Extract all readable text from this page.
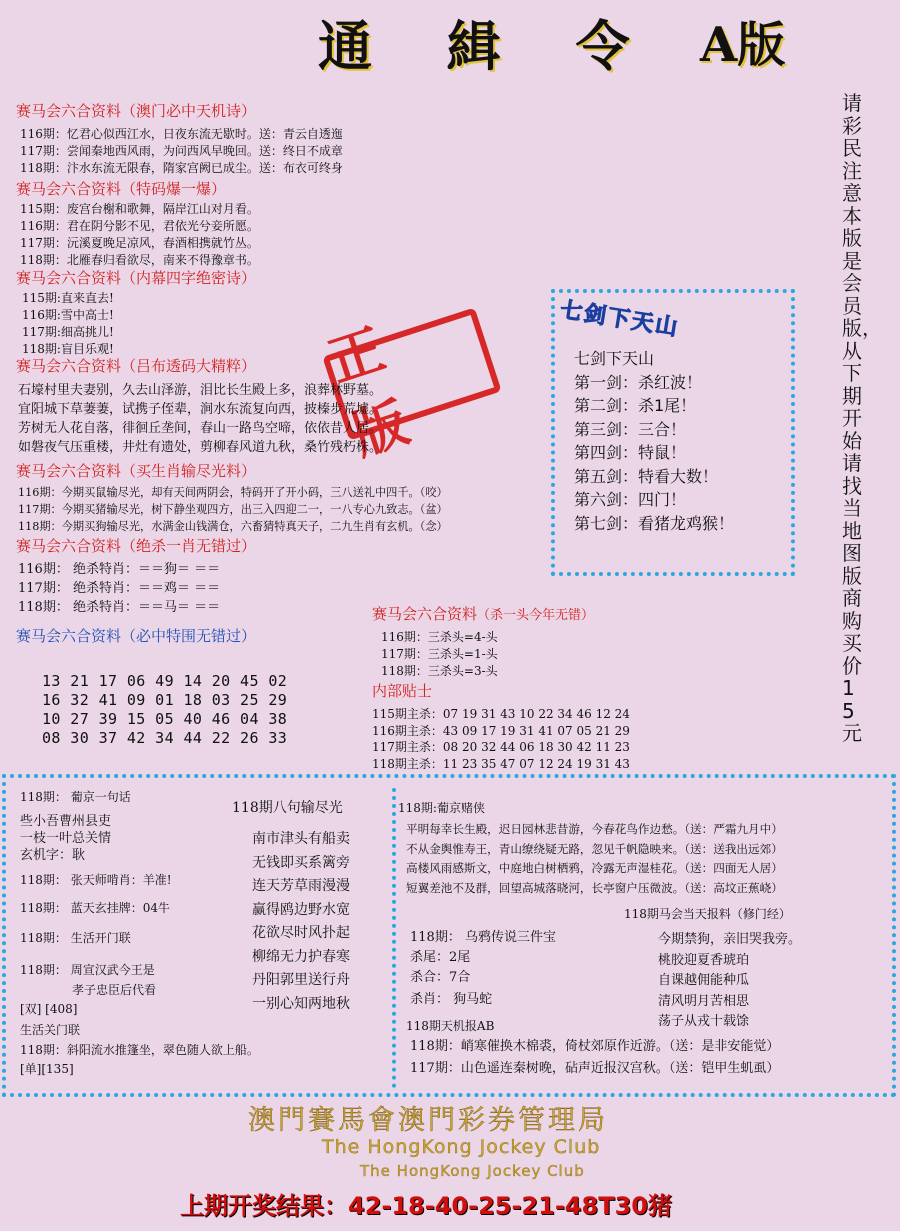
通 緝 令 A版
请彩民注意本版是会员版，从下期开始请找当地图版商购买价15元
赛马会六合资料（澳门必中天机诗）
116期：忆君心似西江水，日夜东流无歇时。送：青云自透迤
117期：尝闻秦地西风雨，为问西风早晚回。送：终日不成章
118期：汴水东流无限春，隋家宫阙已成尘。送：布衣可终身
赛马会六合资料（特码爆一爆）
115期：废宫台榭和歌舞，隔岸江山对月看。
116期：君在阴兮影不见，君依光兮妾所愿。
117期：沅溪夏晚足凉风，春酒相携就竹丛。
118期：北雁春归看欲尽，南来不得豫章书。
赛马会六合资料（内幕四字绝密诗）
115期:直来直去!
116期:雪中高士!
117期:细高挑儿!
118期:盲目乐观!	正版
赛马会六合资料（吕布透码大精粹）
石壕村里夫妻别，久去山泽游，泪比长生殿上多，浪葬林野墓。
宜阳城下草萋萋，试携子侄辈，涧水东流复向西，披榛步荒墟。
芳树无人花自落，徘徊丘垄间，春山一路鸟空啼，依依昔人居。
如磐夜气压重楼，井灶有遗处，剪柳春风道九秋，桑竹残朽株。
赛马会六合资料（买生肖输尽光料）
116期：今期买鼠输尽光，却有天间两阴会，特码开了开小码，三八送礼中四千。（咬）
117期：今期买猪输尽光，树下静坐观四方，出三入四迎二一，一八专心九致志。（盆）
118期：今期买狗输尽光，水满金山钱满仓，六畜猜特真天子，二九生肖有玄机。（念）
赛马会六合资料（绝杀一肖无错过）
116期： 绝杀特肖：＝＝狗＝ ＝＝
117期： 绝杀特肖：＝＝鸡＝ ＝＝
118期： 绝杀特肖：＝＝马＝ ＝＝
赛马会六合资料（必中特围无错过）
13 21 17 06 49 14 20 45 02
16 32 41 09 01 18 03 25 29
10 27 39 15 05 40 46 04 38
08 30 37 42 34 44 22 26 33
七剑下天山
七剑下天山
第一剑：杀红波！
第二剑：杀1尾！
第三剑：三合！
第四剑：特鼠！
第五剑：特看大数！
第六剑：四门！
第七剑：看猪龙鸡猴！
赛马会六合资料（杀一头今年无错）
116期：三杀头=4-头
117期：三杀头=1-头
118期：三杀头=3-头
内部贴士
115期主杀：07 19 31 43 10 22 34 46 12 24
116期主杀：43 09 17 19 31 41 07 05 21 29
117期主杀：08 20 32 44 06 18 30 42 11 23
118期主杀：11 23 35 47 07 12 24 19 31 43
118期： 葡京一句话
些小吾曹州县吏
一枝一叶总关情
玄机字：耿
118期： 张天师啃肖：羊准!
118期： 蓝天玄挂牌：04牛
118期： 生活开门联
118期： 周宣汉武今王是
孝子忠臣后代看
[双] [408]
生活关门联
118期：斜阳流水推篷坐，翠色随人欲上船。
[单][135]
118期八句输尽光
南市津头有船卖
无钱即买系篱旁
连天芳草雨漫漫
赢得鸥边野水宽
花欲尽时风扑起
柳绵无力护春寒
丹阳郭里送行舟
一别心知两地秋
118期:葡京赌侠
平明每幸长生殿，迟日园林悲昔游，今春花鸟作边愁。（送：严霜九月中）
不从金舆惟寿王，青山缭绕疑无路，忽见千帆隐映来。（送：送我出远郊）
高楼风雨感斯文，中庭地白树栖鸦，冷露无声湿桂花。（送：四面无人居）
短翼差池不及群，回望高城落晓河，长亭窗户压微波。（送：高坟正蕉峣）
118期马会当天报料（修门经）
118期： 乌鸦传说三件宝
杀尾：2尾
杀合：7合
杀肖： 狗马蛇
今期禁狗，亲旧哭我旁。
桃胶迎夏香琥珀
自课越佣能种瓜
清风明月苦相思
荡子从戎十载馀
118期天机报AB
118期：峭寒催换木棉裘，倚杖郊原作近游。（送：是非安能觉）
117期：山色遥连秦树晚，砧声近报汉宫秋。（送：铠甲生虮虱）
澳門賽馬會澳門彩券管理局
The HongKong Jockey Club
The HongKong Jockey Club
上期开奖结果：42-18-40-25-21-48T30猪
